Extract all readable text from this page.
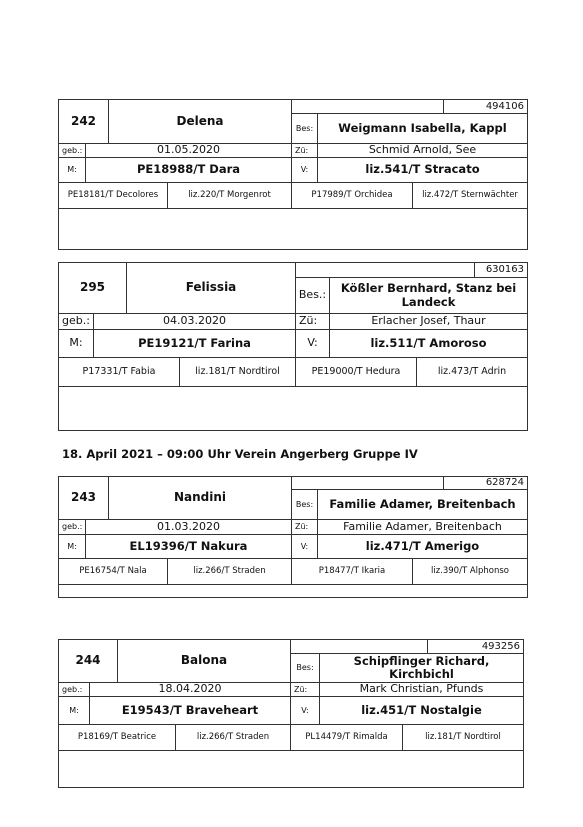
242	Delena
494106
Bes:	Weigmann Isabella, Kappl
geb.:	01.05.2020	Zü:	Schmid Arnold, See
M:	PE18988/T Dara	V:	liz.541/T Stracato
PE18181/T Decolores	liz.220/T Morgenrot	P17989/T Orchidea	liz.472/T Sternwächter
295	Felissia
630163
Bes.:	Kößler Bernhard, Stanz bei Landeck
geb.:	04.03.2020	Zü:	Erlacher Josef, Thaur
M:	PE19121/T Farina	V:	liz.511/T Amoroso
P17331/T Fabia	liz.181/T Nordtirol	PE19000/T Hedura	liz.473/T Adrin
18. April 2021 – 09:00 Uhr Verein Angerberg Gruppe IV
243	Nandini
628724
Bes:	Familie Adamer, Breitenbach
geb.:	01.03.2020	Zü:	Familie Adamer, Breitenbach
M:	EL19396/T Nakura	V:	liz.471/T Amerigo
PE16754/T Nala	liz.266/T Straden	P18477/T Ikaria	liz.390/T Alphonso
244	Balona
493256
Bes:
Schipflinger Richard, Kirchbichl
geb.:	18.04.2020	Zü:	Mark Christian, Pfunds
M:	E19543/T Braveheart	V:	liz.451/T Nostalgie
P18169/T Beatrice	liz.266/T Straden	PL14479/T Rimalda	liz.181/T Nordtirol
